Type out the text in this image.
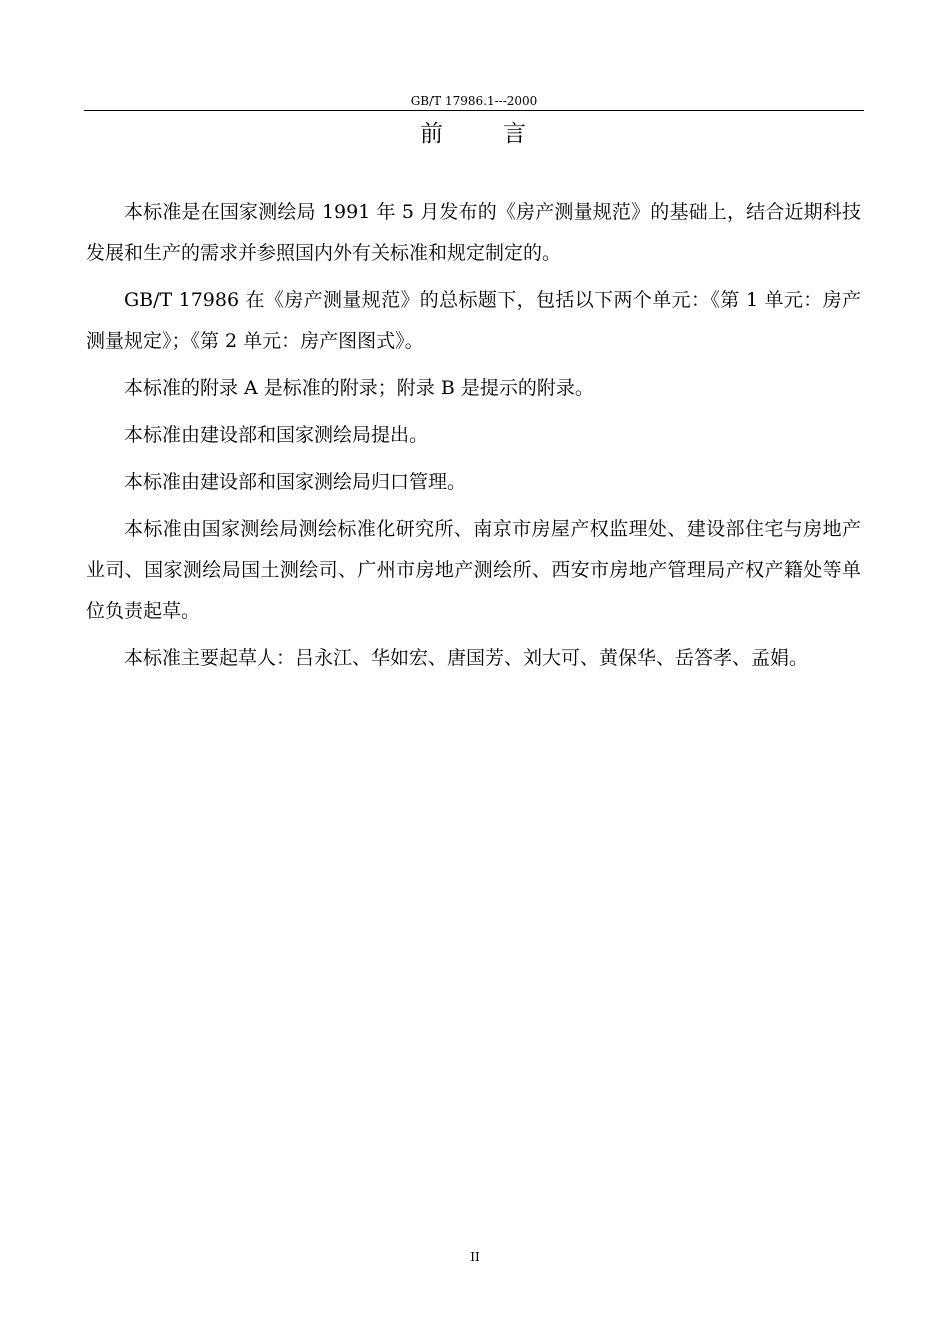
GB/T 17986.1---2000
前	言

本标准是在国家测绘局 1991 年 5 月发布的《房产测量规范》的基础上，结合近期科技发展和生产的需求并参照国内外有关标准和规定制定的。

GB/T 17986 在《房产测量规范》的总标题下，包括以下两个单元：《第 1 单元：房产测量规定》；《第 2 单元：房产图图式》。

本标准的附录 A 是标准的附录；附录 B 是提示的附录。

本标准由建设部和国家测绘局提出。

本标准由建设部和国家测绘局归口管理。

本标准由国家测绘局测绘标准化研究所、南京市房屋产权监理处、建设部住宅与房地产业司、国家测绘局国土测绘司、广州市房地产测绘所、西安市房地产管理局产权产籍处等单位负责起草。

本标准主要起草人：吕永江、华如宏、唐国芳、刘大可、黄保华、岳答孝、孟娟。

II
